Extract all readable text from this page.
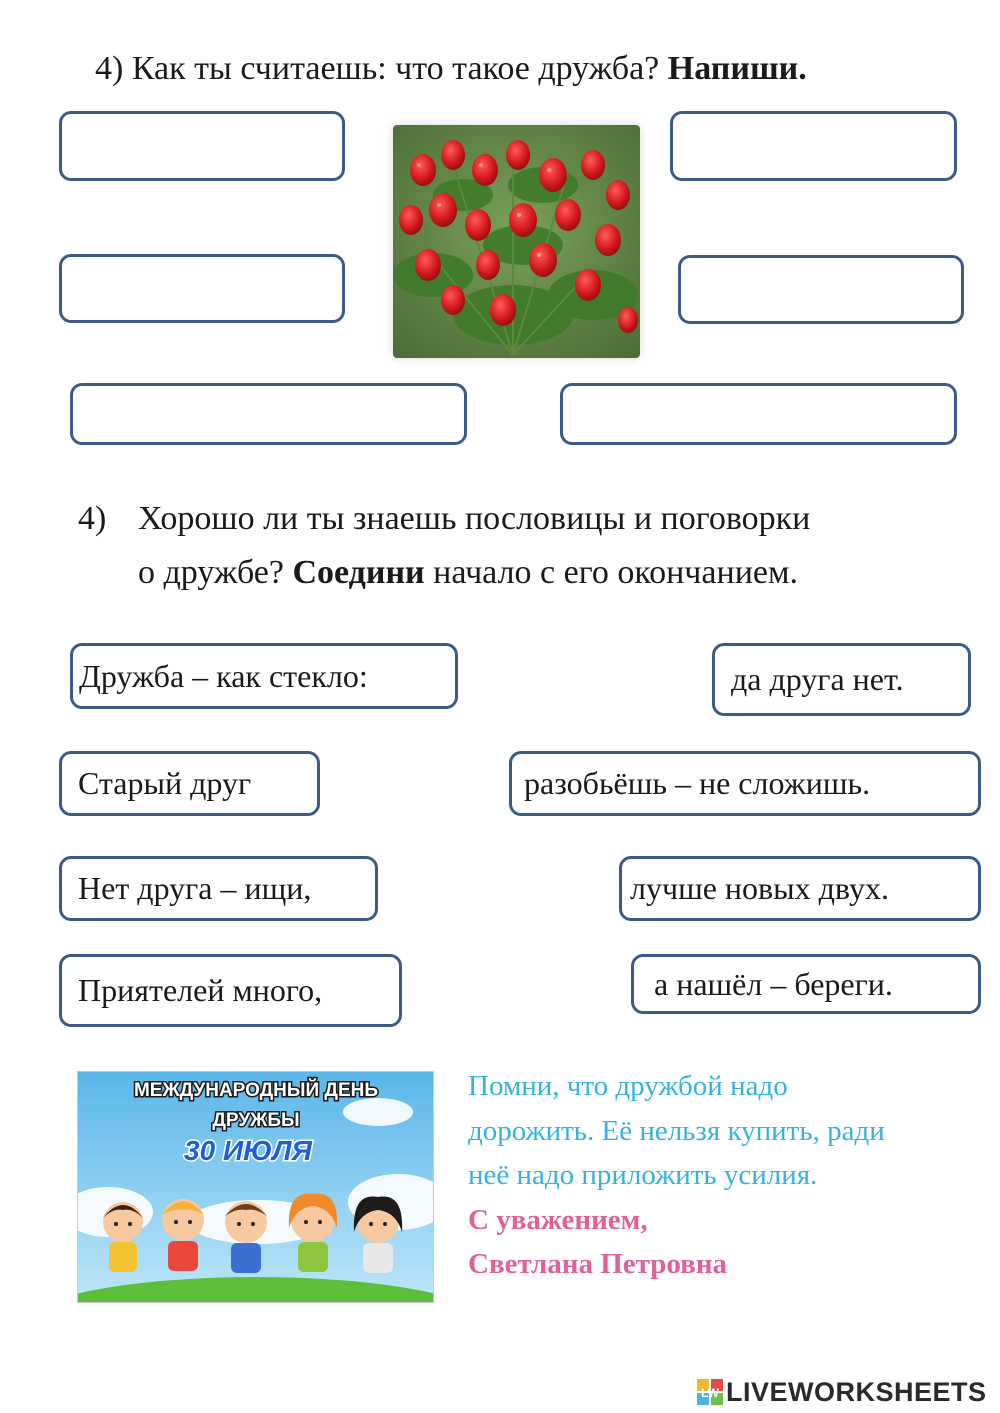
4) Как ты считаешь: что такое дружба? Напиши.
4) Хорошо ли ты знаешь пословицы и поговорки
о дружбе? Соедини начало с его окончанием.
Дружба – как стекло:
Старый друг
Нет друга – ищи,
Приятелей много,
да друга нет.
разобьёшь – не сложишь.
лучше новых двух.
а нашёл – береги.
МЕЖДУНАРОДНЫЙ ДЕНЬ
ДРУЖБЫ
30 ИЮЛЯ
Помни, что дружбой надо
дорожить. Её нельзя купить, ради
неё надо приложить усилия.
С уважением,
Светлана Петровна
LW LIVEWORKSHEETS
